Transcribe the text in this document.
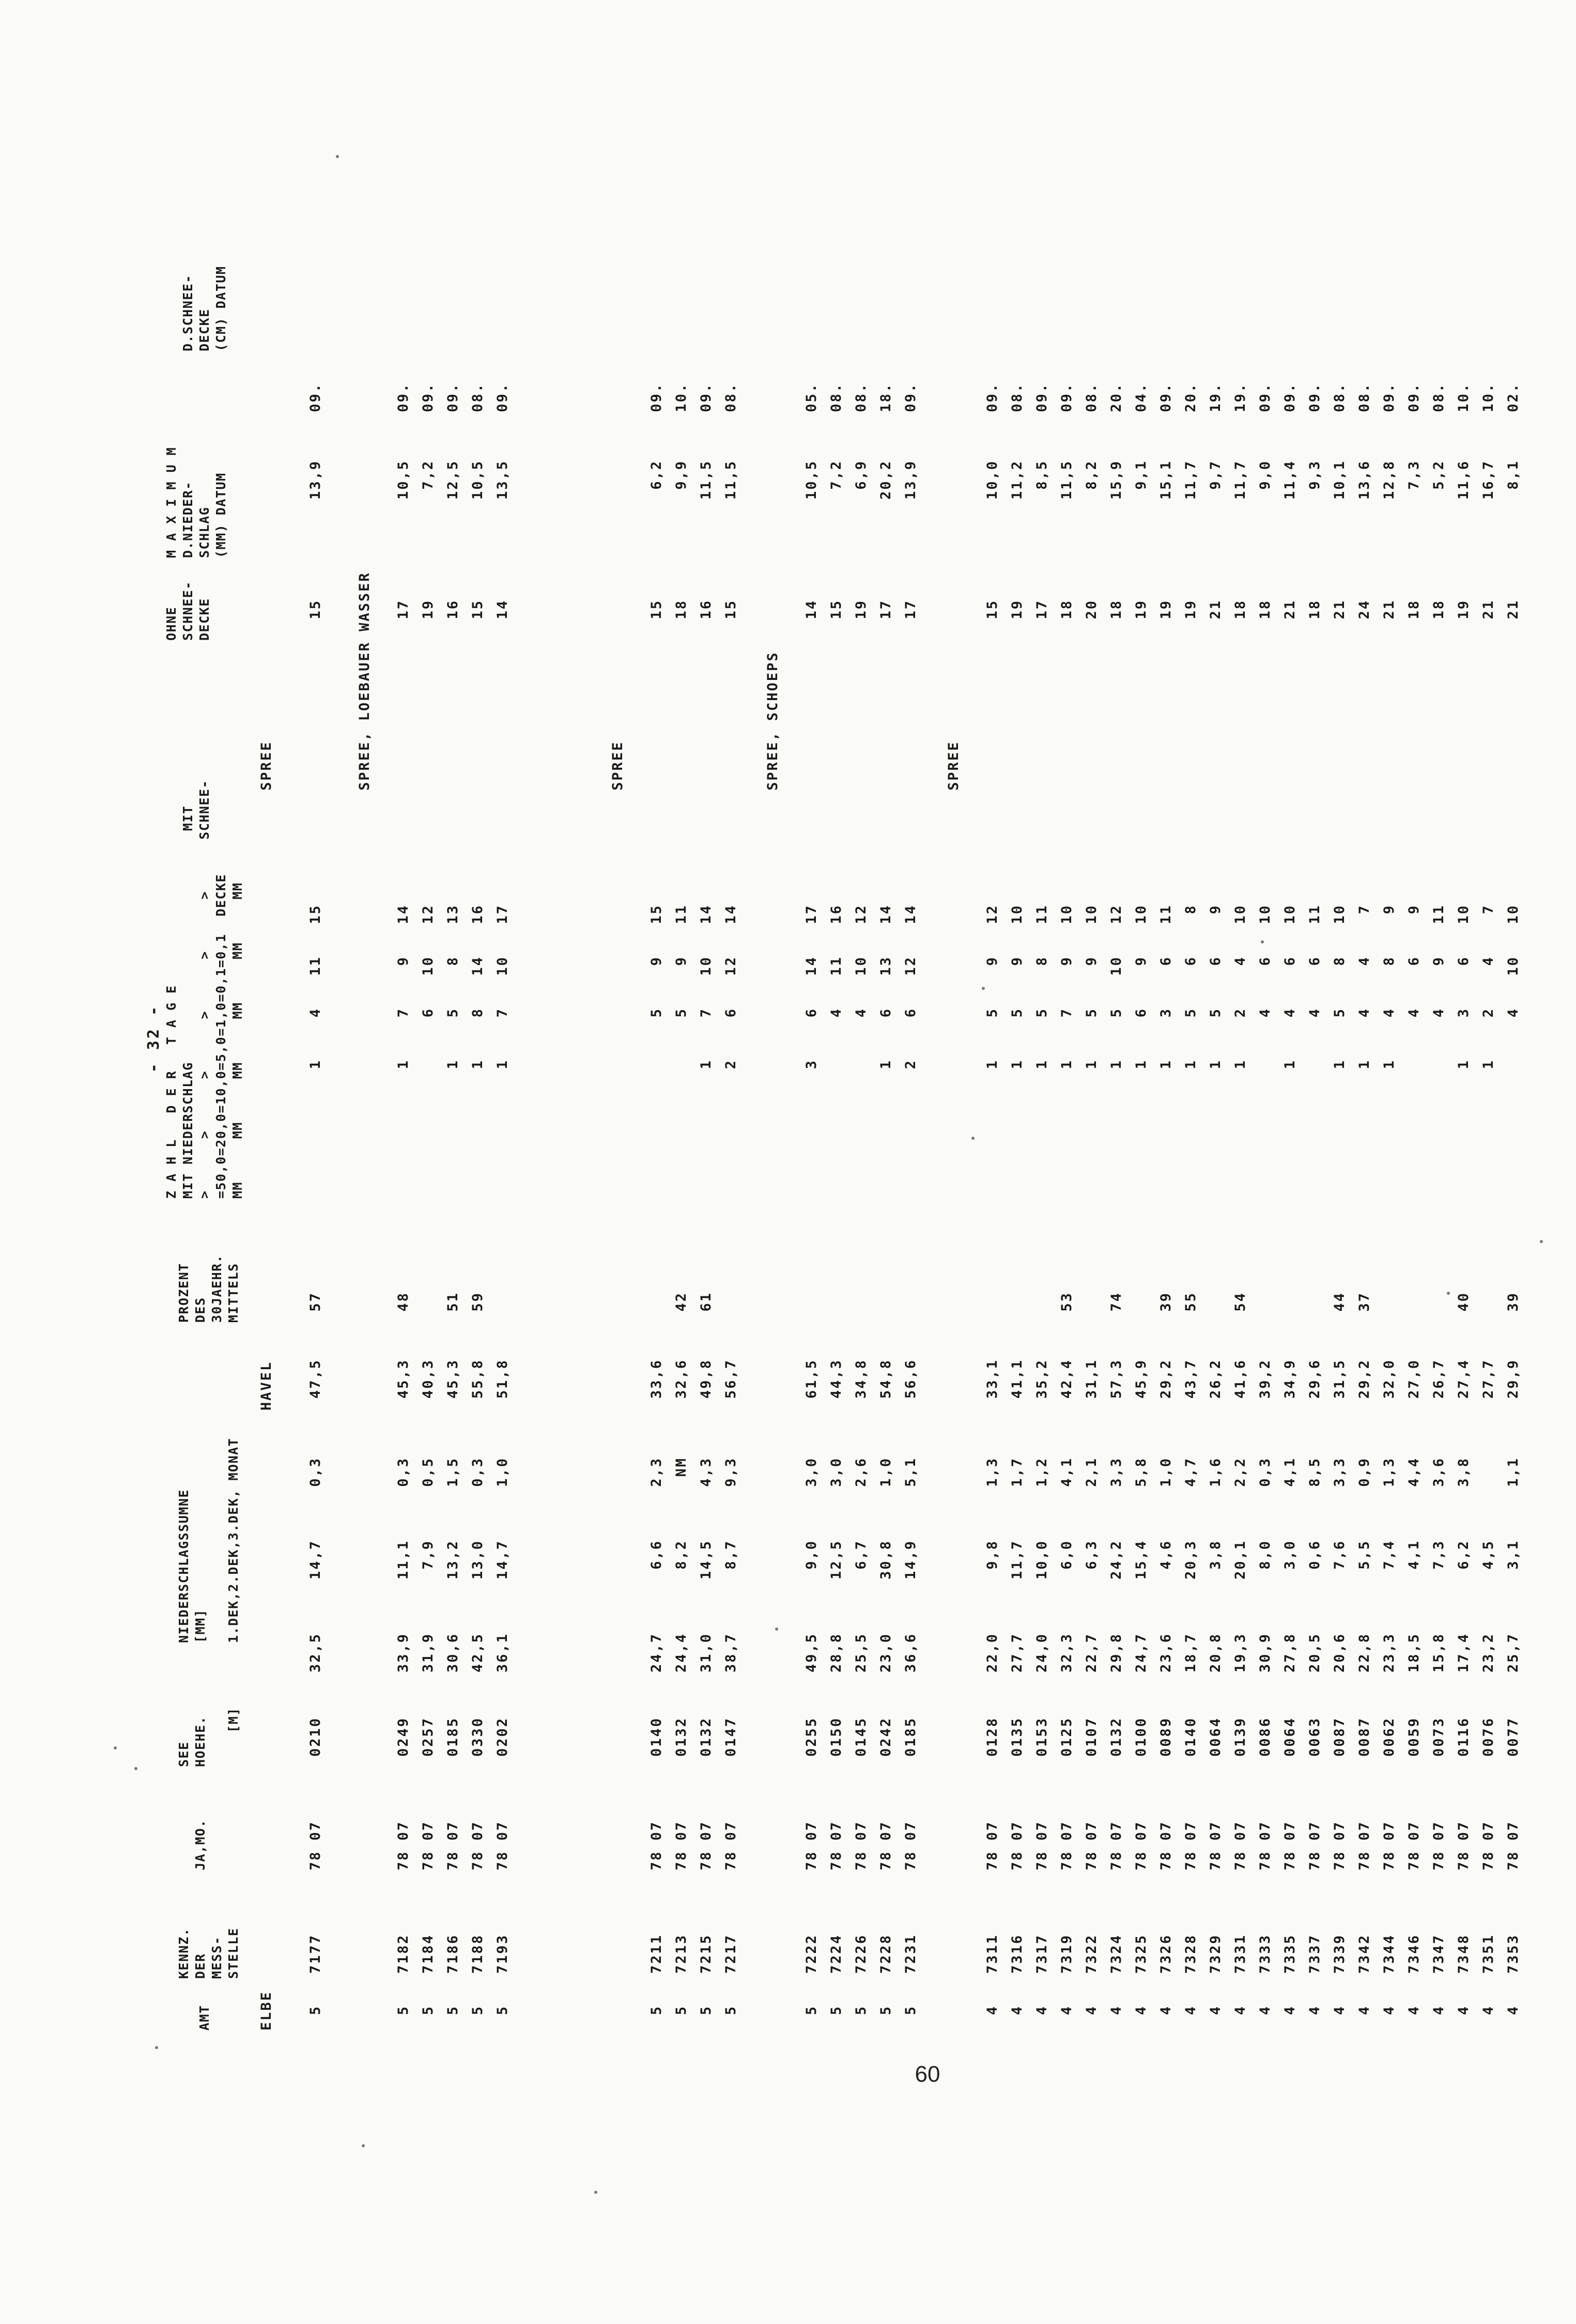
- 32 -
AMT
KENNZ.
DER
MESS-
STELLE
JA,MO.
SEE
HOEHE.

[M]
NIEDERSCHLAGSSUMNE
[MM]

1.DEK,2.DEK,3.DEK, MONAT
PROZENT
DES
30JAEHR.
MITTELS
Z A H L   D E R   T A G E
MIT NIEDERSCHLAG                           MIT
>      >      >      >      >      >      SCHNEE-
=50,0=20,0=10,0=5,0=1,0=0,1=0,1  DECKE
MM     MM     MM     MM     MM     MM
OHNE
SCHNEE-
DECKE
M A X I M U M
D.NIEDER-
SCHLAG
(MM) DATUM
D.SCHNEE-
DECKE
(CM) DATUM
ELBE 5
7177
78 07
0210
32,5
14,7
0,3
47,5
57
1
4
11
15
15
13,9
09.
SPREE, LOEBAUER WASSER
5
7182
78 07
0249
33,9
11,1
0,3
45,3
48
1
7
9
14
17
10,5
09.
5
7184
78 07
0257
31,9
7,9
0,5
40,3
6
10
12
19
7,2
09.
5
7186
78 07
0185
30,6
13,2
1,5
45,3
51
1
5
8
13
16
12,5
09.
5
7188
78 07
0330
42,5
13,0
0,3
55,8
59
1
8
14
16
15
10,5
08.
5
7193
78 07
0202
36,1
14,7
1,0
51,8
1
7
10
17
14
13,5
09.
SPREE
5
7211
78 07
0140
24,7
6,6
2,3
33,6
5
9
15
15
6,2
09.
5
7213
78 07
0132
24,4
8,2
NM
32,6
42
5
9
11
18
9,9
10.
5
7215
78 07
0132
31,0
14,5
4,3
49,8
61
1
7
10
14
16
11,5
09.
5
7217
78 07
0147
38,7
8,7
9,3
56,7
2
6
12
14
15
11,5
08.
SPREE, SCHOEPS
5
7222
78 07
0255
49,5
9,0
3,0
61,5
3
6
14
17
14
10,5
05.
5
7224
78 07
0150
28,8
12,5
3,0
44,3
4
11
16
15
7,2
08.
5
7226
78 07
0145
25,5
6,7
2,6
34,8
4
10
12
19
6,9
08.
5
7228
78 07
0242
23,0
30,8
1,0
54,8
1
6
13
14
17
20,2
18.
5
7231
78 07
0185
36,6
14,9
5,1
56,6
2
6
12
14
17
13,9
09.
SPREE
4
7311
78 07
0128
22,0
9,8
1,3
33,1
1
5
9
12
15
10,0
09.
4
7316
78 07
0135
27,7
11,7
1,7
41,1
1
5
9
10
19
11,2
08.
4
7317
78 07
0153
24,0
10,0
1,2
35,2
1
5
8
11
17
8,5
09.
4
7319
78 07
0125
32,3
6,0
4,1
42,4
53
1
7
9
10
18
11,5
09.
4
7322
78 07
0107
22,7
6,3
2,1
31,1
1
5
9
10
20
8,2
08.
4
7324
78 07
0132
29,8
24,2
3,3
57,3
74
1
5
10
12
18
15,9
20.
4
7325
78 07
0100
24,7
15,4
5,8
45,9
1
6
9
10
19
9,1
04.
4
7326
78 07
0089
23,6
4,6
1,0
29,2
39
1
3
6
11
19
15,1
09.
4
7328
78 07
0140
18,7
20,3
4,7
43,7
55
1
5
6
8
19
11,7
20.
4
7329
78 07
0064
20,8
3,8
1,6
26,2
1
5
6
9
21
9,7
19.
4
7331
78 07
0139
19,3
20,1
2,2
41,6
54
1
2
4
10
18
11,7
19.
4
7333
78 07
0086
30,9
8,0
0,3
39,2
4
6
10
18
9,0
09.
4
7335
78 07
0064
27,8
3,0
4,1
34,9
1
4
6
10
21
11,4
09.
4
7337
78 07
0063
20,5
0,6
8,5
29,6
4
6
11
18
9,3
09.
4
7339
78 07
0087
20,6
7,6
3,3
31,5
44
1
5
8
10
21
10,1
08.
4
7342
78 07
0087
22,8
5,5
0,9
29,2
37
1
4
4
7
24
13,6
08.
4
7344
78 07
0062
23,3
7,4
1,3
32,0
1
4
8
9
21
12,8
09.
4
7346
78 07
0059
18,5
4,1
4,4
27,0
4
6
9
18
7,3
09.
4
7347
78 07
0073
15,8
7,3
3,6
26,7
4
9
11
18
5,2
08.
4
7348
78 07
0116
17,4
6,2
3,8
27,4
40
1
3
6
10
19
11,6
10.
4
7351
78 07
0076
23,2
4,5
27,7
1
2
4
7
21
16,7
10.
4
7353
78 07
0077
25,7
3,1
1,1
29,9
39
4
10
10
21
8,1
02.
HAVEL
SPREE
60
